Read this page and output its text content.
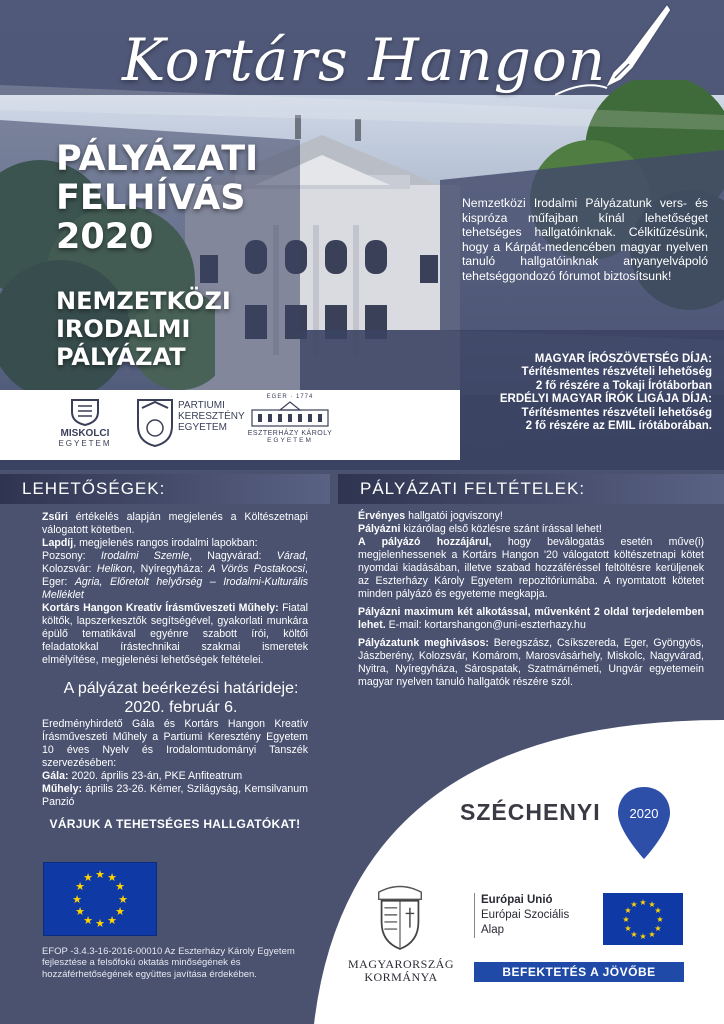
Kortárs Hangon
PÁLYÁZATI
FELHÍVÁS
2020
NEMZETKÖZI
IRODALMI
PÁLYÁZAT
Nemzetközi Irodalmi Pályázatunk vers- és kispróza műfajban kínál lehetőséget tehetséges hallgatóinknak. Célkitűzésünk, hogy a Kárpát-medencében magyar nyelven tanuló hallgatóinknak anyanyelvápoló tehetséggondozó fórumot biztosítsunk!
MAGYAR ÍRÓSZÖVETSÉG DÍJA:
Térítésmentes részvételi lehetőség
2 fő részére a Tokaji Írótáborban
ERDÉLYI MAGYAR ÍRÓK LIGÁJA DÍJA:
Térítésmentes részvételi lehetőség
2 fő részére az EMIL írótáborában.
MISKOLCI
EGYETEM
PARTIUMI
KERESZTÉNY
EGYETEM
EGER · 1774
ESZTERHÁZY KÁROLY
EGYETEM
LEHETŐSÉGEK:	PÁLYÁZATI FELTÉTELEK:
Zsűri értékelés alapján megjelenés a Költészetnapi válogatott kötetben.
Lapdíj, megjelenés rangos irodalmi lapokban:
Pozsony: Irodalmi Szemle, Nagyvárad: Várad, Kolozsvár: Helikon, Nyíregyháza: A Vörös Postakocsi, Eger: Agria, Előretolt helyőrség – Irodalmi-Kulturális Melléklet
Kortárs Hangon Kreatív Írásműveszeti Műhely: Fiatal költők, lapszerkesztők segítségével, gyakorlati munkára épülő tematikával egyénre szabott írói, költői feladatokkal írástechnikai szakmai ismeretek elmélyítése, megjelenési lehetőségek feltételei.
A pályázat beérkezési határideje:
2020. február 6.
Eredményhirdető Gála és Kortárs Hangon Kreatív Írásműveszeti Műhely a Partiumi Keresztény Egyetem 10 éves Nyelv és Irodalomtudományi Tanszék szervezésében:
Gála: 2020. április 23-án, PKE Anfiteatrum
Műhely: április 23-26. Kémer, Szilágyság, Kemsilvanum Panzió
VÁRJUK A TEHETSÉGES HALLGATÓKAT!

Érvényes hallgatói jogviszony!

Pályázni kizárólag első közlésre szánt írással lehet!

A pályázó hozzájárul, hogy beválogatás esetén műve(i) megjelenhessenek a Kortárs Hangon '20 válogatott költészetnapi kötet nyomdai kiadásában, illetve szabad hozzáféréssel feltöltésre kerüljenek az Eszterházy Károly Egyetem repozitóriumába. A nyomtatott kötetet minden pályázó és egyeteme megkapja.

Pályázni maximum két alkotással, művenként 2 oldal terjedelemben lehet. E-mail: kortarshangon@uni-eszterhazy.hu

Pályázatunk meghívásos: Beregszász, Csíkszereda, Eger, Gyöngyös, Jászberény, Kolozsvár, Komárom, Marosvásárhely, Miskolc, Nagyvárad, Nyitra, Nyíregyháza, Sárospatak, Szatmárnémeti, Ungvár egyetemein magyar nyelven tanuló hallgatók részére szól.

★ ★
★
★
★
★
★
★
★
★
★
★
EFOP -3.4.3-16-2016-00010 Az Eszterházy Károly Egyetem fejlesztése a felsőfokú oktatás minőségének és hozzáférhetőségének együttes javítása érdekében.
SZÉCHENYI 2020
MAGYARORSZÁG
KORMÁNYA
Európai Unió
Európai Szociális
Alap
★ ★
★
★
★
★
★
★
★
★
★
★
BEFEKTETÉS A JÖVŐBE
